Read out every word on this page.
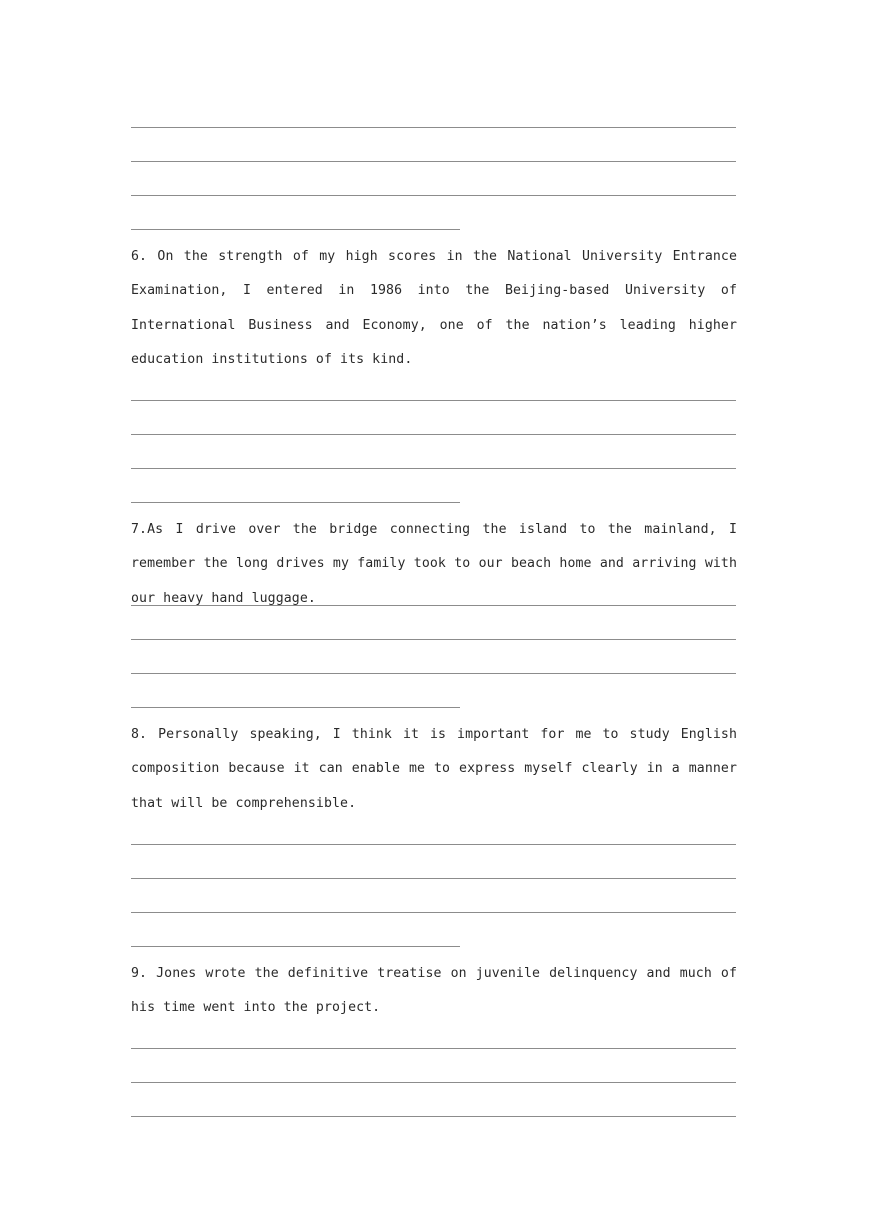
6. On the strength of my high scores in the National University Entrance Examination, I entered in 1986 into the Beijing-based University of International Business and Economy, one of the nation’s leading higher education institutions of its kind.

7.As I drive over the bridge connecting the island to the mainland, I remember the long drives my family took to our beach home and arriving with our heavy hand luggage.

8. Personally speaking, I think it is important for me to study English composition because it can enable me to express myself clearly in a manner that will be comprehensible.

9. Jones wrote the definitive treatise on juvenile delinquency and much of his time went into the project.
